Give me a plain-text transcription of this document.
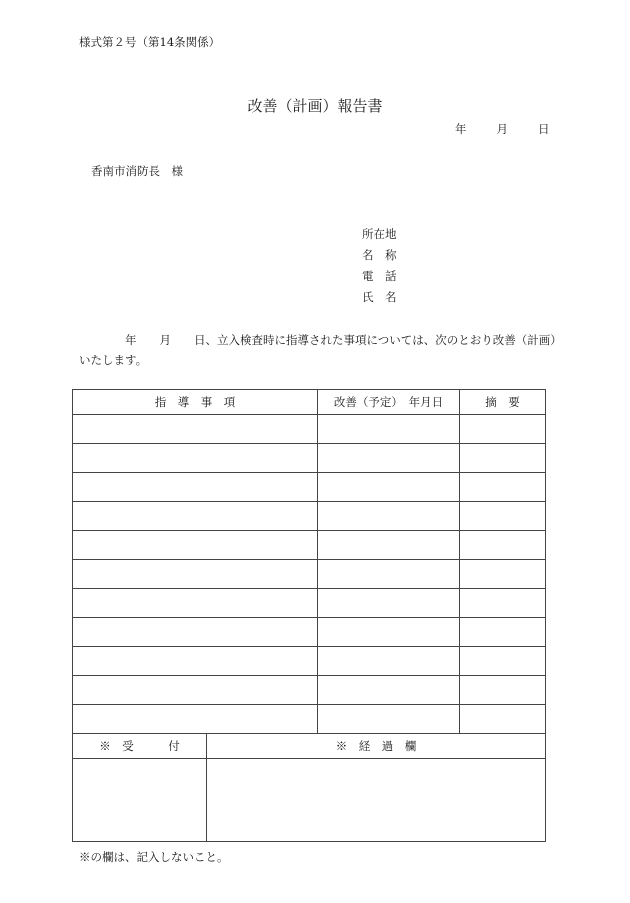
様式第２号（第14条関係）
改善（計画）報告書
年	月	日
香南市消防長　様
所在地
名　称
電　話
氏　名
　　　　年　　月　　日、立入検査時に指導された事項については、次のとおり改善（計画）いたします。
指　導　事　項	改善（予定）　年月日	摘　要

※　受　　　付	※　経　過　欄

※の欄は、記入しないこと。
